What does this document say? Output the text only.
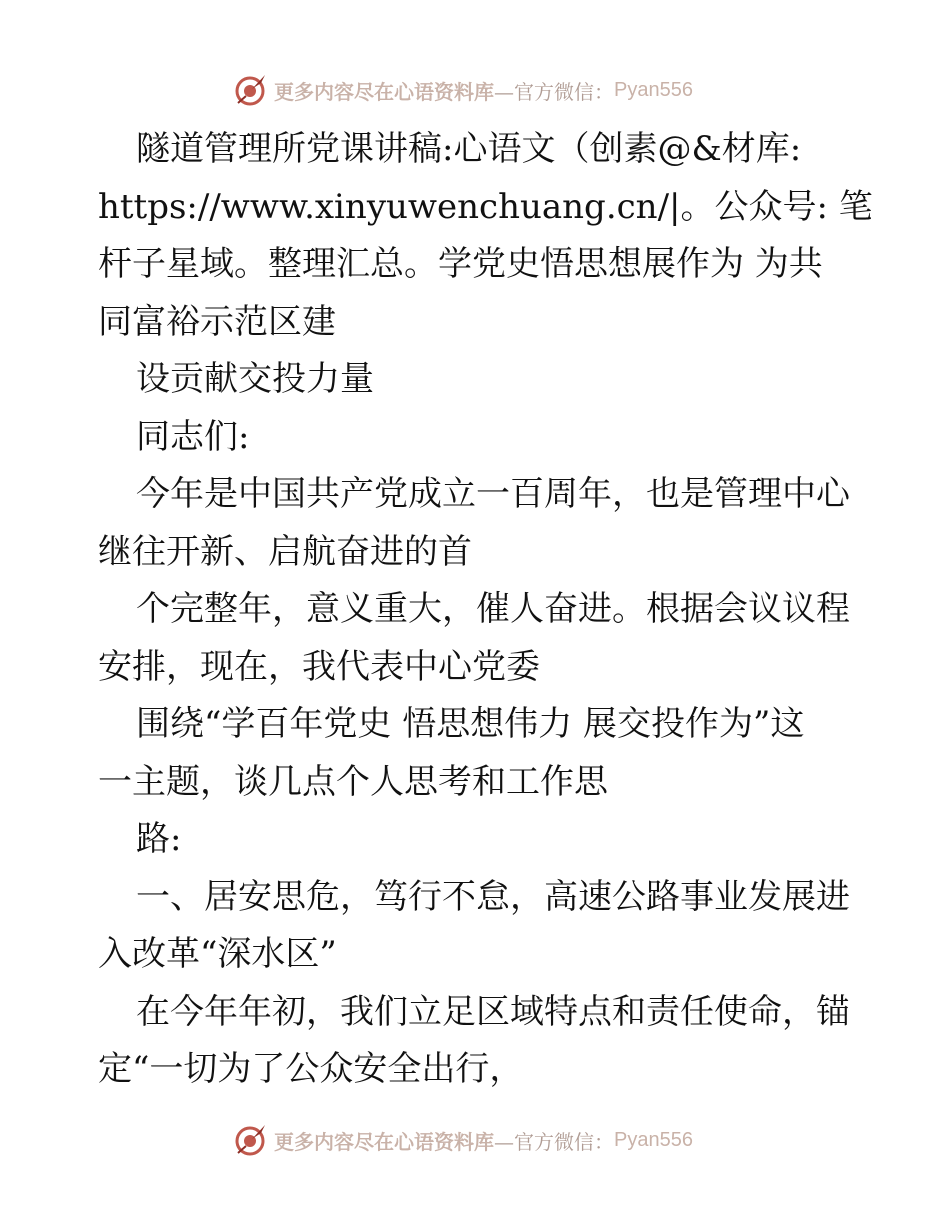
更多内容尽在心语资料库 —官方微信： Pyan556
隧道管理所党课讲稿:心语文（创素@&材库:
https://www.xinyuwenchuang.cn/|。公众号: 笔
杆子星域。整理汇总。学党史悟思想展作为 为共
同富裕示范区建
设贡献交投力量
同志们:
今年是中国共产党成立一百周年，也是管理中心
继往开新、启航奋进的首
个完整年，意义重大，催人奋进。根据会议议程
安排，现在，我代表中心党委
围绕“学百年党史 悟思想伟力 展交投作为”这
一主题，谈几点个人思考和工作思
路:
一、居安思危，笃行不怠，高速公路事业发展进
入改革“深水区”
在今年年初，我们立足区域特点和责任使命，锚
定“一切为了公众安全出行，
更多内容尽在心语资料库 —官方微信： Pyan556
